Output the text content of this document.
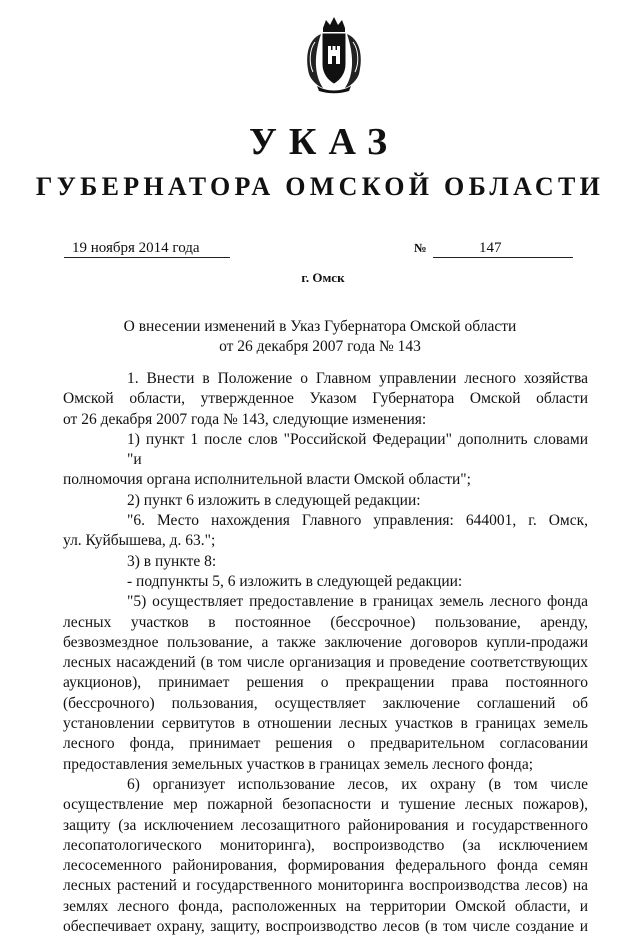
УКАЗ
ГУБЕРНАТОРА ОМСКОЙ ОБЛАСТИ
19 ноября 2014 года	№	147
г. Омск
О внесении изменений в Указ Губернатора Омской области
от 26 декабря 2007 года № 143
1. Внести в Положение о Главном управлении лесного хозяйства
Омской области, утвержденное Указом Губернатора Омской области
от 26 декабря 2007 года № 143, следующие изменения:
1) пункт 1 после слов "Российской Федерации" дополнить словами "и
полномочия органа исполнительной власти Омской области";
2) пункт 6 изложить в следующей редакции:
"6. Место нахождения Главного управления: 644001, г. Омск,
ул. Куйбышева, д. 63.";
3) в пункте 8:
- подпункты 5, 6 изложить в следующей редакции:
"5) осуществляет предоставление в границах земель лесного фонда
лесных участков в постоянное (бессрочное) пользование, аренду,
безвозмездное пользование, а также заключение договоров купли-продажи
лесных насаждений (в том числе организация и проведение соответствующих
аукционов), принимает решения о прекращении права постоянного
(бессрочного) пользования, осуществляет заключение соглашений об
установлении сервитутов в отношении лесных участков в границах земель
лесного фонда, принимает решения о предварительном согласовании
предоставления земельных участков в границах земель лесного фонда;
6) организует использование лесов, их охрану (в том числе
осуществление мер пожарной безопасности и тушение лесных пожаров),
защиту (за исключением лесозащитного районирования и государственного
лесопатологического мониторинга), воспроизводство (за исключением
лесосеменного районирования, формирования федерального фонда семян
лесных растений и государственного мониторинга воспроизводства лесов) на
землях лесного фонда, расположенных на территории Омской области, и
обеспечивает охрану, защиту, воспроизводство лесов (в том числе создание и
